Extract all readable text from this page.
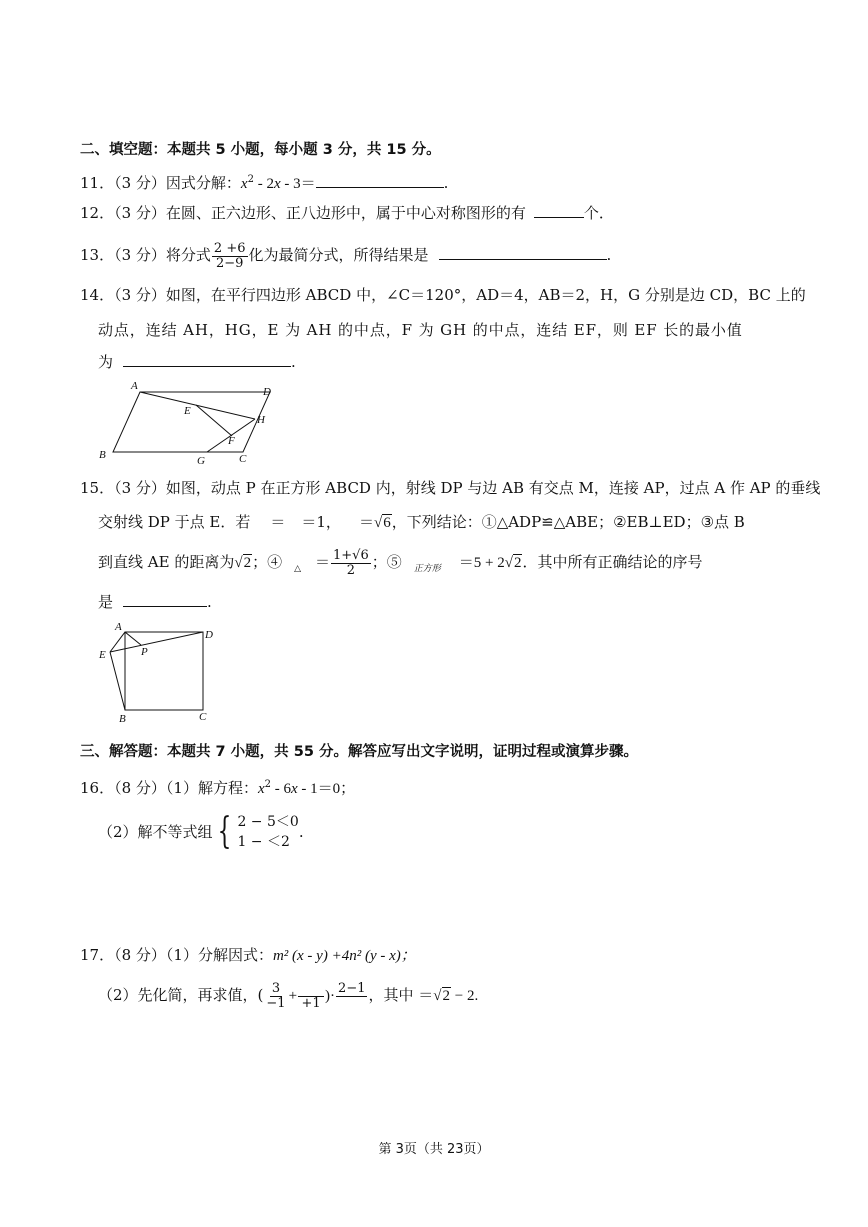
二、填空题：本题共 5 小题，每小题 3 分，共 15 分。
11．（3 分）因式分解：$x^2 - 2x - 3=$	.
12．（3 分）在圆、正六边形、正八边形中，属于中心对称图形的有	个．
13．（3 分）将分式 $\frac{2 +6}{2-9}$ 化为最简分式，所得结果是	.
14．（3 分）如图，在平行四边形 ABCD 中，∠C＝120°，AD＝4，AB＝2，H，G 分别是边 CD，BC 上的
动点，连结 AH，HG，E 为 AH 的中点，F 为 GH 的中点，连结 EF，则 EF 长的最小值
为	.
A	D
E
H
F
B	G	C
15．（3 分）如图，动点 P 在正方形 ABCD 内，射线 DP 与边 AB 有交点 M，连接 AP，过点 A 作 AP 的垂线
交射线 DP 于点 E．若 ＝ ＝1， ＝√6，下列结论：①△ADP≌△ABE；②EB⊥ED；③点 B
到直线 AE 的距离为√2；④ $_\triangle = \frac{1+√6}{2}$ ；⑤ $_{正方形}$ ＝5 + 2√2．其中所有正确结论的序号
是	.
A
D
E	P
B	C
三、解答题：本题共 7 小题，共 55 分。解答应写出文字说明，证明过程或演算步骤。
16．（8 分）（1）解方程：$x^2 - 6x - 1=0$；
（2）解不等式组 { 2 − 5＜0
1 − ＜2
.
17．（8 分）（1）分解因式：m² (x - y) +4n² (y - x)；
（2）先化简，再求值，( $\frac{3}{-1} + +1$ )· 2−1 ，其中 ＝√2 − 2.
第 3页（共 23页）
